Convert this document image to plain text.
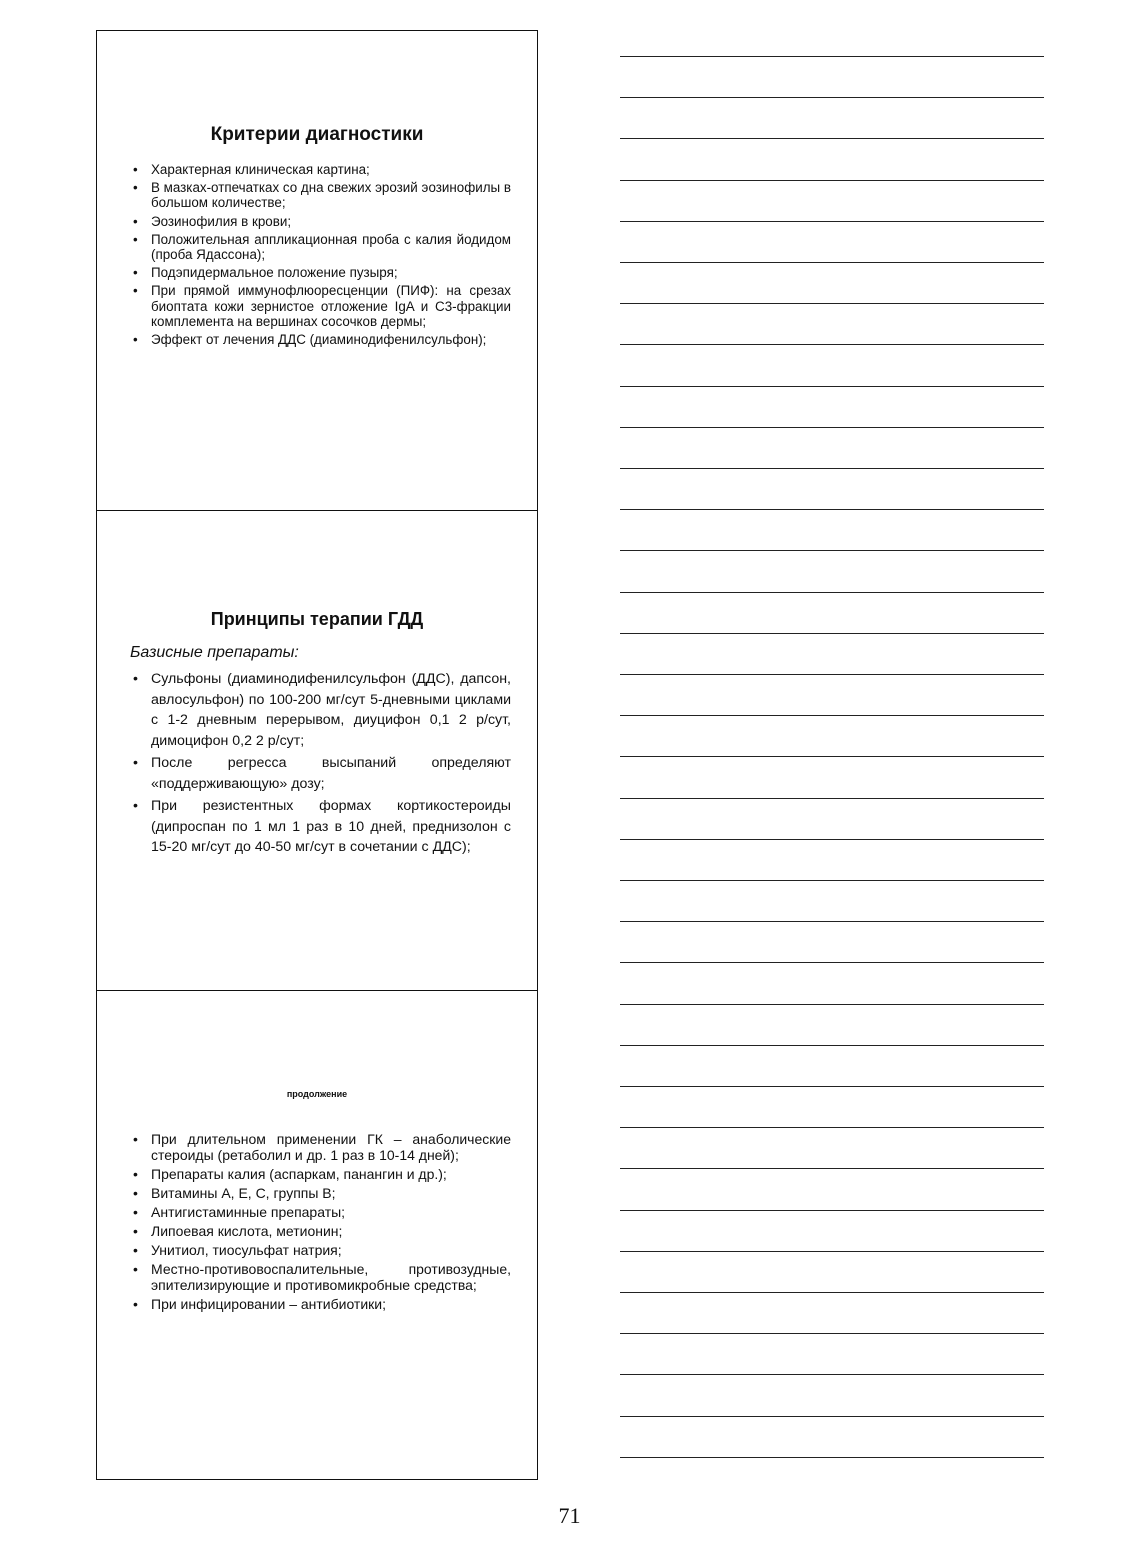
Критерии диагностики
• Характерная клиническая картина;
• В мазках-отпечатках со дна свежих эрозий эозинофилы в большом количестве;
• Эозинофилия в крови;
• Положительная аппликационная проба с калия йодидом (проба Ядассона);
• Подэпидермальное положение пузыря;
• При прямой иммунофлюоресценции (ПИФ): на срезах биоптата кожи зернистое отложение IgA и С3-фракции комплемента на вершинах сосочков дермы;
• Эффект от лечения ДДС (диаминодифенилсульфон);
Принципы терапии ГДД

Базисные препараты:

• Сульфоны (диаминодифенилсульфон (ДДС), дапсон, авлосульфон) по 100-200 мг/сут 5-дневными циклами с 1-2 дневным перерывом, диуцифон 0,1 2 р/сут, димоцифон 0,2 2 р/сут;
• После регресса высыпаний определяют «поддерживающую» дозу;
• При резистентных формах кортикостероиды (дипроспан по 1 мл 1 раз в 10 дней, преднизолон с 15-20 мг/сут до 40-50 мг/сут в сочетании с ДДС);
продолжение
• При длительном применении ГК – анаболические стероиды (ретаболил и др. 1 раз в 10-14 дней);
• Препараты калия (аспаркам, панангин и др.);
• Витамины А, Е, С, группы В;
• Антигистаминные препараты;
• Липоевая кислота, метионин;
• Унитиол, тиосульфат натрия;
• Местно-противовоспалительные, противозудные, эпителизирующие и противомикробные средства;
• При инфицировании – антибиотики;
71
